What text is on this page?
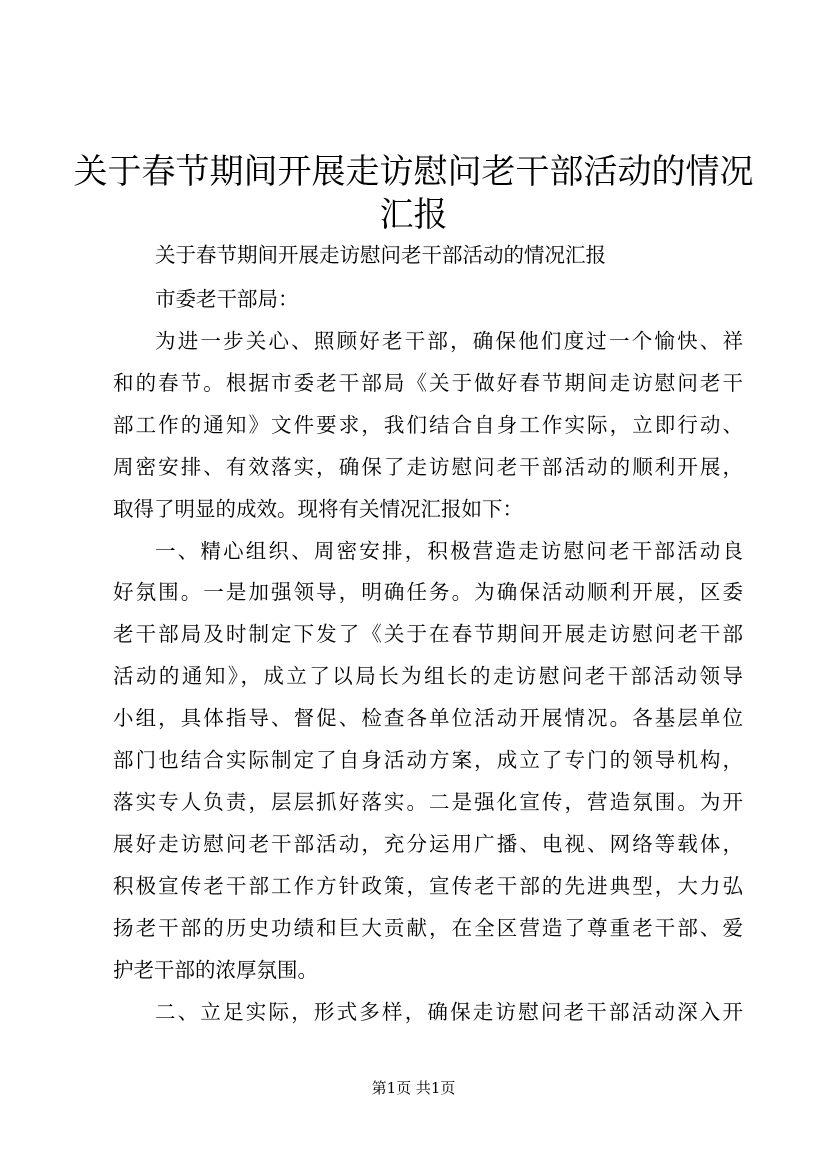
关于春节期间开展走访慰问老干部活动的情况
汇报

关于春节期间开展走访慰问老干部活动的情况汇报

市委老干部局：

为进一步关心、照顾好老干部，确保他们度过一个愉快、祥

和的春节。根据市委老干部局《关于做好春节期间走访慰问老干

部工作的通知》文件要求，我们结合自身工作实际，立即行动、

周密安排、有效落实，确保了走访慰问老干部活动的顺利开展，

取得了明显的成效。现将有关情况汇报如下：

一、精心组织、周密安排，积极营造走访慰问老干部活动良

好氛围。一是加强领导，明确任务。为确保活动顺利开展，区委

老干部局及时制定下发了《关于在春节期间开展走访慰问老干部

活动的通知》，成立了以局长为组长的走访慰问老干部活动领导

小组，具体指导、督促、检查各单位活动开展情况。各基层单位

部门也结合实际制定了自身活动方案，成立了专门的领导机构，

落实专人负责，层层抓好落实。二是强化宣传，营造氛围。为开

展好走访慰问老干部活动，充分运用广播、电视、网络等载体，

积极宣传老干部工作方针政策，宣传老干部的先进典型，大力弘

扬老干部的历史功绩和巨大贡献，在全区营造了尊重老干部、爱

护老干部的浓厚氛围。

二、立足实际，形式多样，确保走访慰问老干部活动深入开

第1页 共1页
